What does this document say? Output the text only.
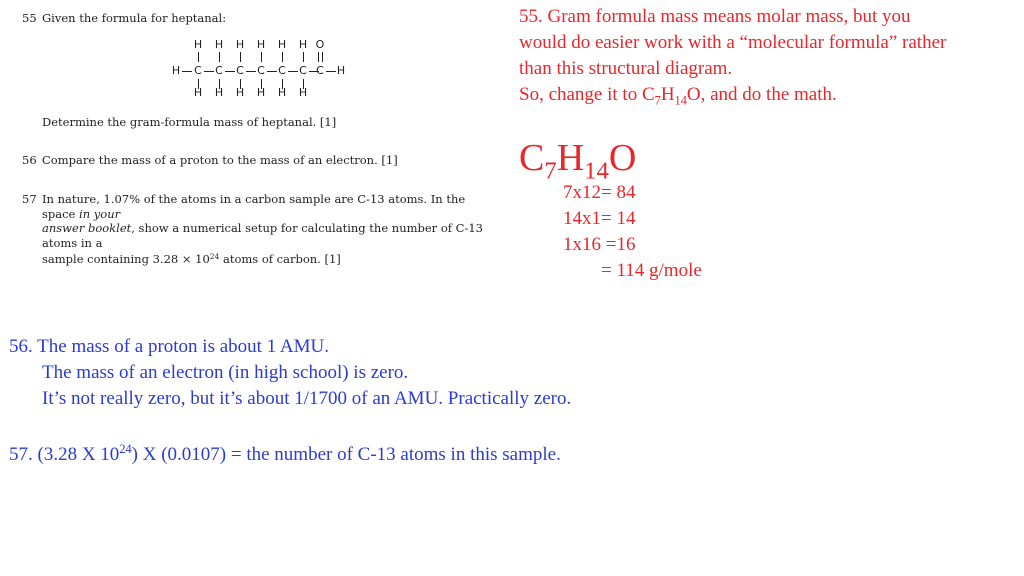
55 Given the formula for heptanal:
H H H H H H O
H C C C C C C C H
H H H H H H
Determine the gram-formula mass of heptanal. [1]
56 Compare the mass of a proton to the mass of an electron. [1]
57 In nature, 1.07% of the atoms in a carbon sample are C-13 atoms. In the space in your
answer booklet, show a numerical setup for calculating the number of C-13 atoms in a
sample containing $3.28 \times 10^{24}$ atoms of carbon. [1]
55. Gram formula mass means molar mass, but you
would do easier work with a “molecular formula” rather
than this structural diagram.
So, change it to $C_7H_{14}O$, and do the math.
$C_7H_{14}O$
7x12= 84
14x1= 14
1x16 =16
= 114 g/mole
56. The mass of a proton is about 1 AMU.
The mass of an electron (in high school) is zero.
It’s not really zero, but it’s about 1/1700 of an AMU. Practically zero.
57. (3.28 X $10^{24}$) X (0.0107) = the number of C-13 atoms in this sample.
